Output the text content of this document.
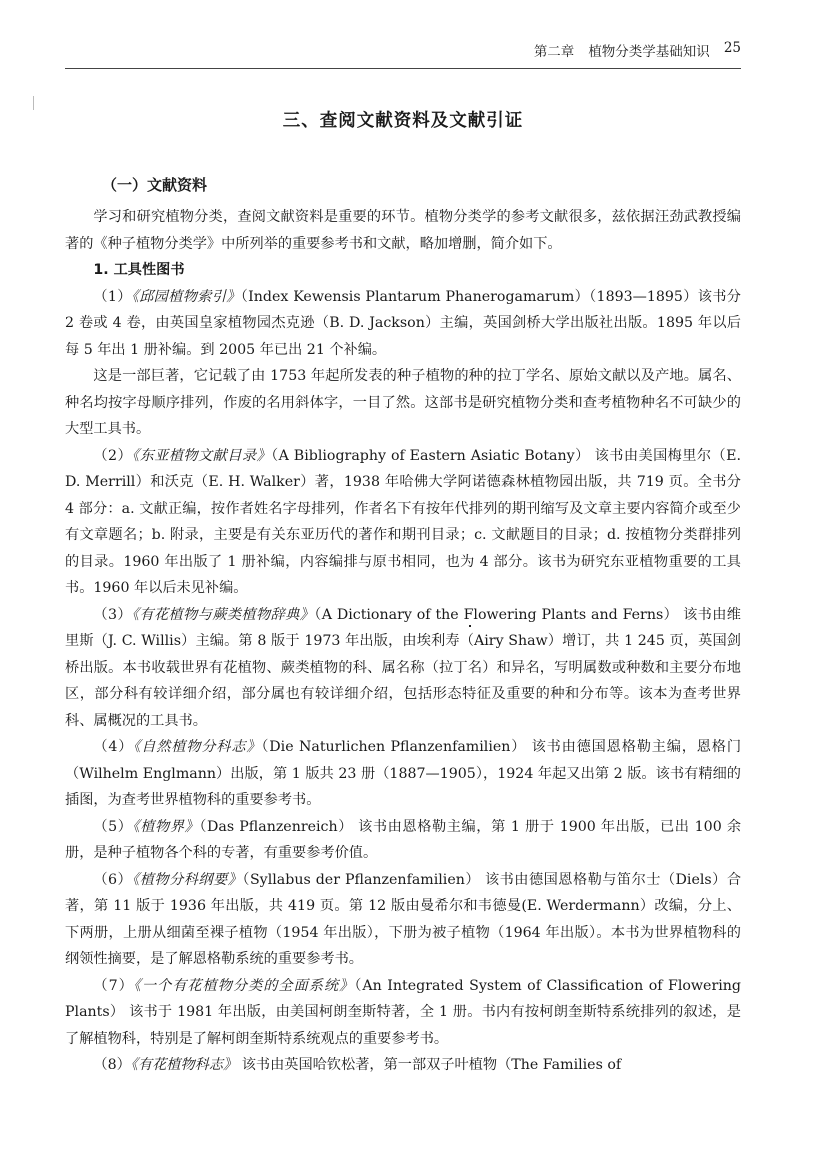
第二章 植物分类学基础知识 25
三、查阅文献资料及文献引证
（一）文献资料

学习和研究植物分类，查阅文献资料是重要的环节。植物分类学的参考文献很多，兹依据汪劲武教授编著的《种子植物分类学》中所列举的重要参考书和文献，略加增删，简介如下。

1. 工具性图书

（1）《邱园植物索引》（Index Kewensis Plantarum Phanerogamarum）（1893—1895）该书分 2 卷或 4 卷，由英国皇家植物园杰克逊（B. D. Jackson）主编，英国剑桥大学出版社出版。1895 年以后每 5 年出 1 册补编。到 2005 年已出 21 个补编。

这是一部巨著，它记载了由 1753 年起所发表的种子植物的种的拉丁学名、原始文献以及产地。属名、种名均按字母顺序排列，作废的名用斜体字，一目了然。这部书是研究植物分类和查考植物种名不可缺少的大型工具书。

（2）《东亚植物文献目录》（A Bibliography of Eastern Asiatic Botany） 该书由美国梅里尔（E. D. Merrill）和沃克（E. H. Walker）著，1938 年哈佛大学阿诺德森林植物园出版，共 719 页。全书分 4 部分：a. 文献正编，按作者姓名字母排列，作者名下有按年代排列的期刊缩写及文章主要内容简介或至少有文章题名；b. 附录，主要是有关东亚历代的著作和期刊目录；c. 文献题目的目录；d. 按植物分类群排列的目录。1960 年出版了 1 册补编，内容编排与原书相同，也为 4 部分。该书为研究东亚植物重要的工具书。1960 年以后未见补编。

（3）《有花植物与蕨类植物辞典》（A Dictionary of the Flowering Plants and Ferns） 该书由维里斯（J. C. Willis）主编。第 8 版于 1973 年出版，由埃利寿（Airy Shaw）增订，共 1 245 页，英国剑桥出版。本书收载世界有花植物、蕨类植物的科、属名称（拉丁名）和异名，写明属数或种数和主要分布地区，部分科有较详细介绍，部分属也有较详细介绍，包括形态特征及重要的种和分布等。该本为查考世界科、属概况的工具书。

（4）《自然植物分科志》（Die Naturlichen Pflanzenfamilien） 该书由德国恩格勒主编，恩格门（Wilhelm Englmann）出版，第 1 版共 23 册（1887—1905），1924 年起又出第 2 版。该书有精细的插图，为查考世界植物科的重要参考书。

（5）《植物界》（Das Pflanzenreich） 该书由恩格勒主编，第 1 册于 1900 年出版，已出 100 余册，是种子植物各个科的专著，有重要参考价值。

（6）《植物分科纲要》（Syllabus der Pflanzenfamilien） 该书由德国恩格勒与笛尔士（Diels）合著，第 11 版于 1936 年出版，共 419 页。第 12 版由曼希尔和韦德曼(E. Werdermann）改编，分上、下两册，上册从细菌至裸子植物（1954 年出版），下册为被子植物（1964 年出版）。本书为世界植物科的纲领性摘要，是了解恩格勒系统的重要参考书。

（7）《一个有花植物分类的全面系统》（An Integrated System of Classification of Flowering Plants） 该书于 1981 年出版，由美国柯朗奎斯特著，全 1 册。书内有按柯朗奎斯特系统排列的叙述，是了解植物科，特别是了解柯朗奎斯特系统观点的重要参考书。

（8）《有花植物科志》 该书由英国哈钦松著，第一部双子叶植物（The Families of
